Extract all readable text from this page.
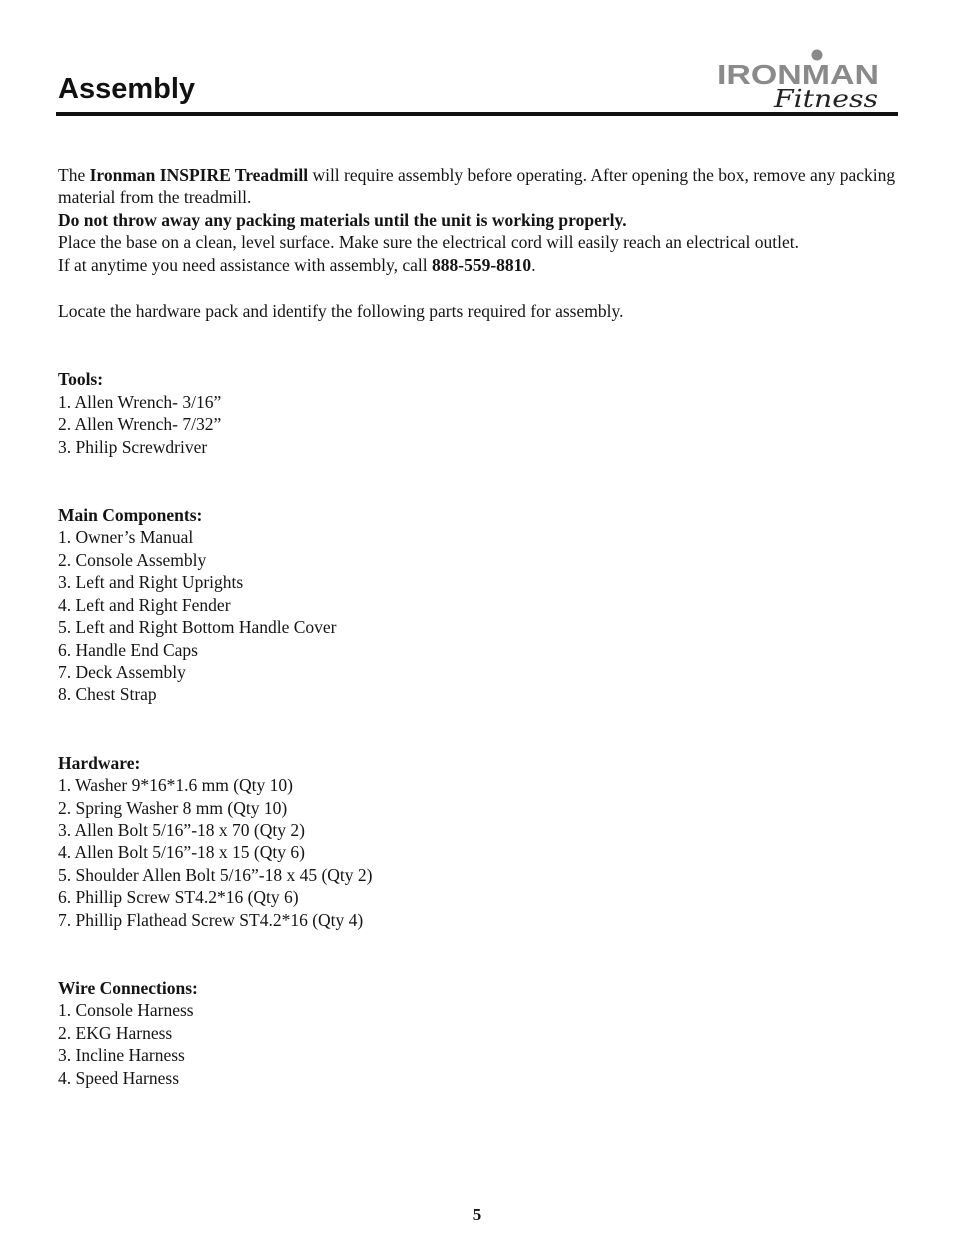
Assembly	IRONMAN
Fitness

The Ironman INSPIRE Treadmill will require assembly before operating. After opening the box, remove any packing material from the treadmill.
Do not throw away any packing materials until the unit is working properly.
Place the base on a clean, level surface. Make sure the electrical cord will easily reach an electrical outlet.
If at anytime you need assistance with assembly, call 888-559-8810.

Locate the hardware pack and identify the following parts required for assembly.

Tools:
1. Allen Wrench- 3/16”
2. Allen Wrench- 7/32”
3. Philip Screwdriver
Main Components:
1. Owner’s Manual
2. Console Assembly
3. Left and Right Uprights
4. Left and Right Fender
5. Left and Right Bottom Handle Cover
6. Handle End Caps
7. Deck Assembly
8. Chest Strap
Hardware:
1. Washer 9*16*1.6 mm (Qty 10)
2. Spring Washer 8 mm (Qty 10)
3. Allen Bolt 5/16”-18 x 70 (Qty 2)
4. Allen Bolt 5/16”-18 x 15 (Qty 6)
5. Shoulder Allen Bolt 5/16”-18 x 45 (Qty 2)
6. Phillip Screw ST4.2*16 (Qty 6)
7. Phillip Flathead Screw ST4.2*16 (Qty 4)
Wire Connections:
1. Console Harness
2. EKG Harness
3. Incline Harness
4. Speed Harness
5
